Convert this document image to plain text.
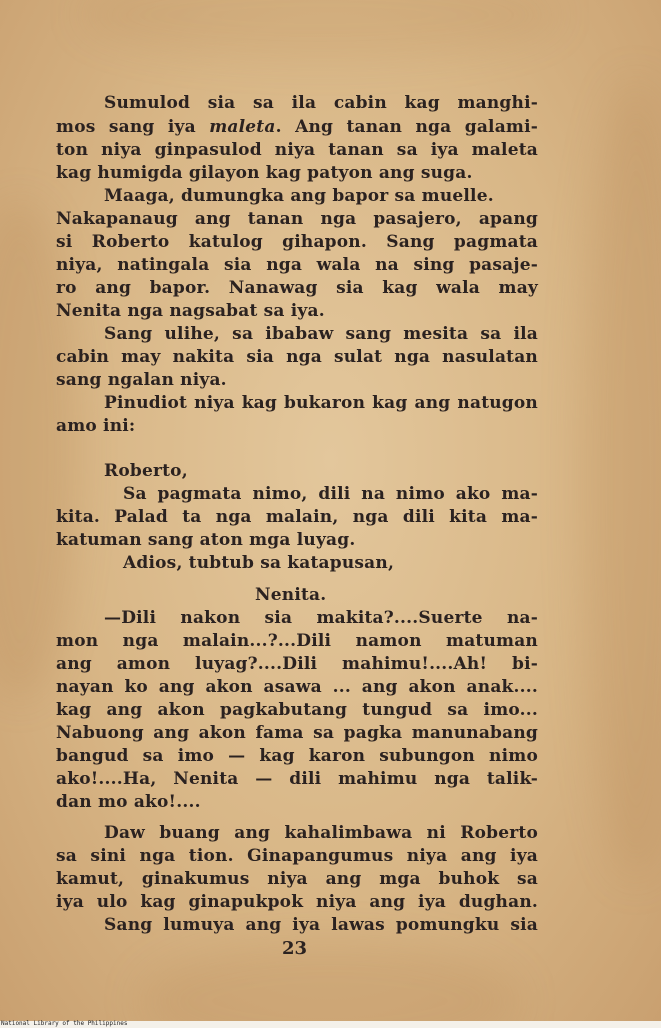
Sumulod sia sa ila cabin kag manghi-
mos sang iya maleta. Ang tanan nga galami-
ton niya ginpasulod niya tanan sa iya maleta
kag humigda gilayon kag patyon ang suga.
Maaga, dumungka ang bapor sa muelle.
Nakapanaug ang tanan nga pasajero, apang
si Roberto katulog gihapon. Sang pagmata
niya, natingala sia nga wala na sing pasaje-
ro ang bapor. Nanawag sia kag wala may
Nenita nga nagsabat sa iya.
Sang ulihe, sa ibabaw sang mesita sa ila
cabin may nakita sia nga sulat nga nasulatan
sang ngalan niya.
Pinudiot niya kag bukaron kag ang natugon
amo ini:
Roberto,
Sa pagmata nimo, dili na nimo ako ma-
kita. Palad ta nga malain, nga dili kita ma-
katuman sang aton mga luyag.
Adios, tubtub sa katapusan,
Nenita.
—Dili nakon sia makita?....Suerte na-
mon nga malain...?...Dili namon matuman
ang amon luyag?....Dili mahimu!....Ah! bi-
nayan ko ang akon asawa ... ang akon anak....
kag ang akon pagkabutang tungud sa imo...
Nabuong ang akon fama sa pagka manunabang
bangud sa imo — kag karon subungon nimo
ako!....Ha, Nenita — dili mahimu nga talik-
dan mo ako!....
Daw buang ang kahalimbawa ni Roberto
sa sini nga tion. Ginapangumus niya ang iya
kamut, ginakumus niya ang mga buhok sa
iya ulo kag ginapukpok niya ang iya dughan.
Sang lumuya ang iya lawas pomungku sia
23
National Library of the Philippines
